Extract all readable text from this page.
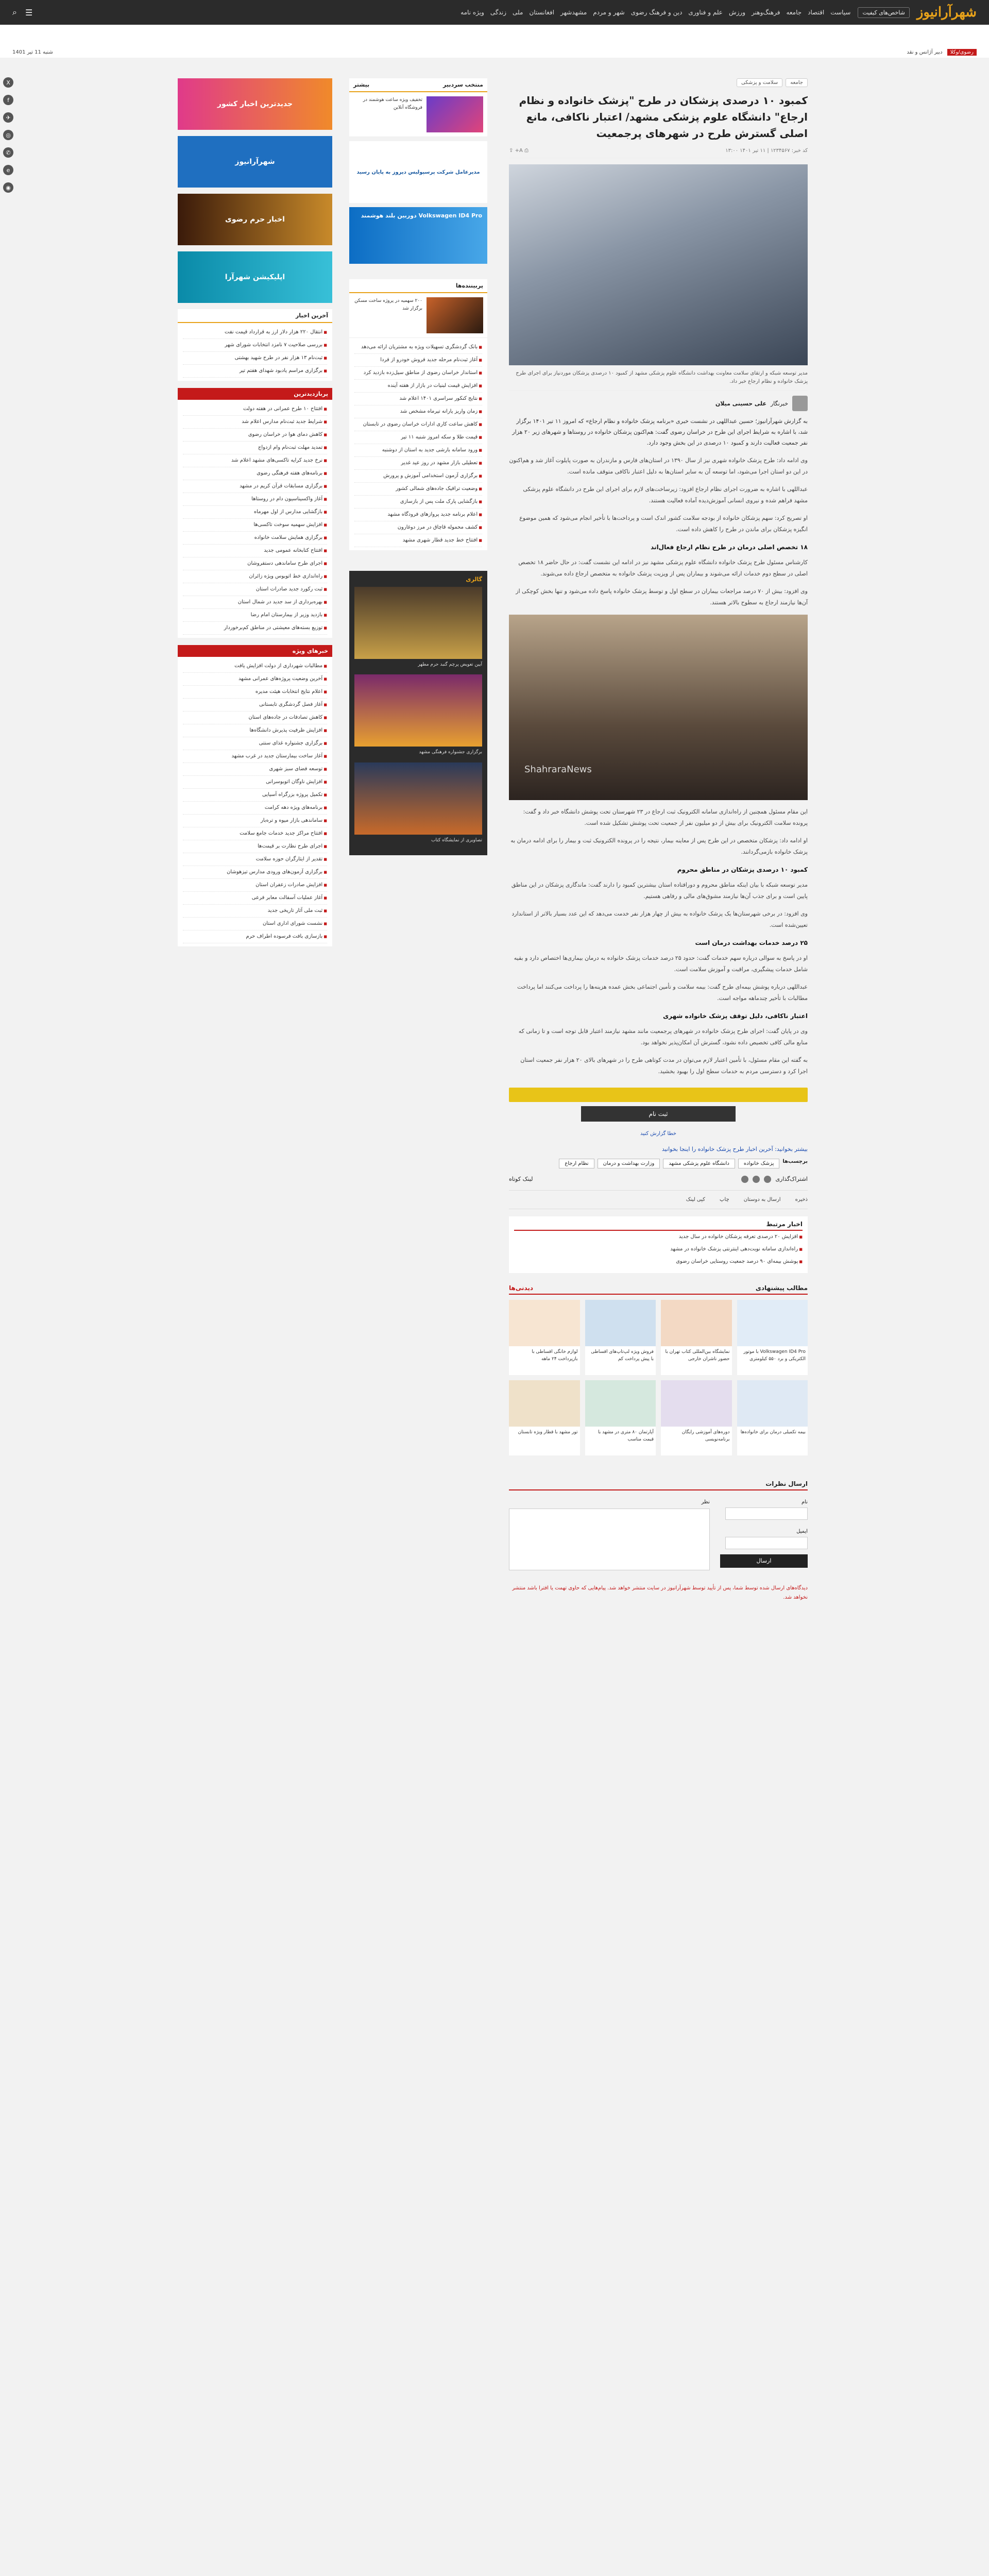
شهرآرانیوز
شاخص‌های کیفیت
سیاست
اقتصاد
جامعه
فرهنگ‌وهنر
ورزش
علم و فناوری
دین و فرهنگ رضوی
شهر و مردم
مشهدشهر
افغانستان
ملی
زندگی
ویژه نامه
☰
⌕
رضوی/وکلا دبیر آژانس و نقد
شنبه 11 تیر 1401
X
f
✈
◎
✆
e
◉
جامعه
سلامت و پزشکی
کمبود ۱۰ درصدی پزشکان در طرح "پزشک خانواده و نظام ارجاع" دانشگاه علوم پزشکی مشهد/ اعتبار ناکافی، مانع اصلی گسترش طرح در شهرهای پرجمعیت
کد خبر: ۱۲۳۴۵۶۷ | ۱۱ تیر ۱۴۰۱ ۱۳:۰۰
⎙ A+ ⇪
مدیر توسعه شبکه و ارتقای سلامت معاونت بهداشت دانشگاه علوم پزشکی مشهد از کمبود ۱۰ درصدی پزشکان موردنیاز برای اجرای طرح پزشک خانواده و نظام ارجاع خبر داد.
خبرنگار
علی حسینی میلان
به گزارش شهرآرانیوز؛ حسین عبداللهی در نشست خبری «برنامه پزشک خانواده و نظام ارجاع» که امروز ۱۱ تیر ۱۴۰۱ برگزار شد، با اشاره به شرایط اجرای این طرح در خراسان رضوی گفت: هم‌اکنون پزشکان خانواده در روستاها و شهرهای زیر ۲۰ هزار نفر جمعیت فعالیت دارند و کمبود ۱۰ درصدی در این بخش وجود دارد.

وی ادامه داد: طرح پزشک خانواده شهری نیز از سال ۱۳۹۰ در استان‌های فارس و مازندران به صورت پایلوت آغاز شد و هم‌اکنون در این دو استان اجرا می‌شود، اما توسعه آن به سایر استان‌ها به دلیل اعتبار ناکافی متوقف مانده است.

عبداللهی با اشاره به ضرورت اجرای نظام ارجاع افزود: زیرساخت‌های لازم برای اجرای این طرح در دانشگاه علوم پزشکی مشهد فراهم شده و نیروی انسانی آموزش‌دیده آماده فعالیت هستند.

او تصریح کرد: سهم پزشکان خانواده از بودجه سلامت کشور اندک است و پرداخت‌ها با تأخیر انجام می‌شود که همین موضوع انگیزه پزشکان برای ماندن در طرح را کاهش داده است.

۱۸ تخصص اصلی درمان در طرح نظام ارجاع فعال‌اند

کارشناس مسئول طرح پزشک خانواده دانشگاه علوم پزشکی مشهد نیز در ادامه این نشست گفت: در حال حاضر ۱۸ تخصص اصلی در سطح دوم خدمات ارائه می‌شوند و بیماران پس از ویزیت پزشک خانواده به متخصص ارجاع داده می‌شوند.

وی افزود: بیش از ۷۰ درصد مراجعات بیماران در سطح اول و توسط پزشک خانواده پاسخ داده می‌شود و تنها بخش کوچکی از آن‌ها نیازمند ارجاع به سطوح بالاتر هستند.

ShahraraNews

این مقام مسئول همچنین از راه‌اندازی سامانه الکترونیک ثبت ارجاع در ۲۳ شهرستان تحت پوشش دانشگاه خبر داد و گفت: پرونده سلامت الکترونیک برای بیش از دو میلیون نفر از جمعیت تحت پوشش تشکیل شده است.

او ادامه داد: پزشکان متخصص در این طرح پس از معاینه بیمار، نتیجه را در پرونده الکترونیک ثبت و بیمار را برای ادامه درمان به پزشک خانواده بازمی‌گردانند.

کمبود ۱۰ درصدی پزشکان در مناطق محروم

مدیر توسعه شبکه با بیان اینکه مناطق محروم و دورافتاده استان بیشترین کمبود را دارند گفت: ماندگاری پزشکان در این مناطق پایین است و برای جذب آن‌ها نیازمند مشوق‌های مالی و رفاهی هستیم.

وی افزود: در برخی شهرستان‌ها یک پزشک خانواده به بیش از چهار هزار نفر خدمت می‌دهد که این عدد بسیار بالاتر از استاندارد تعیین‌شده است.

۲۵ درصد خدمات بهداشت درمان است

او در پاسخ به سوالی درباره سهم خدمات گفت: حدود ۲۵ درصد خدمات پزشک خانواده به درمان بیماری‌ها اختصاص دارد و بقیه شامل خدمات پیشگیری، مراقبت و آموزش سلامت است.

عبداللهی درباره پوشش بیمه‌ای طرح گفت: بیمه سلامت و تأمین اجتماعی بخش عمده هزینه‌ها را پرداخت می‌کنند اما پرداخت مطالبات با تأخیر چندماهه مواجه است.

اعتبار ناکافی، دلیل توقف پزشک خانواده شهری

وی در پایان گفت: اجرای طرح پزشک خانواده در شهرهای پرجمعیت مانند مشهد نیازمند اعتبار قابل توجه است و تا زمانی که منابع مالی کافی تخصیص داده نشود، گسترش آن امکان‌پذیر نخواهد بود.

به گفته این مقام مسئول، با تأمین اعتبار لازم می‌توان در مدت کوتاهی طرح را در شهرهای بالای ۲۰ هزار نفر جمعیت استان اجرا کرد و دسترسی مردم به خدمات سطح اول را بهبود بخشید.

ثبت نام
خطا گزارش کنید
بیشتر بخوانید: آخرین اخبار طرح پزشک خانواده را اینجا بخوانید
برچسب‌ها
پزشک خانواده
دانشگاه علوم پزشکی مشهد
وزارت بهداشت و درمان
نظام ارجاع
اشتراک‌گذاری
لینک کوتاه
ذخیره
ارسال به دوستان
چاپ
کپی لینک
اخبار مرتبط
■ افزایش ۲۰ درصدی تعرفه پزشکان خانواده در سال جدید
■ راه‌اندازی سامانه نوبت‌دهی اینترنتی پزشک خانواده در مشهد
■ پوشش بیمه‌ای ۹۰ درصد جمعیت روستایی خراسان رضوی
مطالب پیشنهادی
دیدنی‌ها
Volkswagen ID4 Pro با موتور الکتریکی و برد ۵۵۰ کیلومتری
نمایشگاه بین‌المللی کتاب تهران با حضور ناشران خارجی
فروش ویژه لپ‌تاپ‌های اقساطی با پیش پرداخت کم
لوازم خانگی اقساطی با بازپرداخت ۲۴ ماهه
بیمه تکمیلی درمان برای خانواده‌ها
دوره‌های آموزشی رایگان برنامه‌نویسی
آپارتمان ۸۰ متری در مشهد با قیمت مناسب
تور مشهد با قطار ویژه تابستان
ارسال نظرات
نام
ایمیل
ارسال
نظر
دیدگاه‌های ارسال شده توسط شما، پس از تأیید توسط شهرآرانیوز در سایت منتشر خواهد شد. پیام‌هایی که حاوی تهمت یا افترا باشد منتشر نخواهد شد.
منتخب سردبیر
بیشتر
تخفیف ویژه ساعت هوشمند در فروشگاه آنلاین
مدیرعامل شرکت پرسپولیس دیروز به پایان رسید
Volkswagen ID4 Pro دوربین بلند هوشمند
پربیننده‌ها
۲۰۰ سهمیه در پروژه ساخت مسکن برگزار شد
■ بانک گردشگری تسهیلات ویژه به مشتریان ارائه می‌دهد
■ آغاز ثبت‌نام مرحله جدید فروش خودرو از فردا
■ استاندار خراسان رضوی از مناطق سیل‌زده بازدید کرد
■ افزایش قیمت لبنیات در بازار از هفته آینده
■ نتایج کنکور سراسری ۱۴۰۱ اعلام شد
■ زمان واریز یارانه تیرماه مشخص شد
■ کاهش ساعت کاری ادارات خراسان رضوی در تابستان
■ قیمت طلا و سکه امروز شنبه ۱۱ تیر
■ ورود سامانه بارشی جدید به استان از دوشنبه
■ تعطیلی بازار مشهد در روز عید غدیر
■ برگزاری آزمون استخدامی آموزش و پرورش
■ وضعیت ترافیک جاده‌های شمالی کشور
■ بازگشایی پارک ملت پس از بازسازی
■ اعلام برنامه جدید پروازهای فرودگاه مشهد
■ کشف محموله قاچاق در مرز دوغارون
■ افتتاح خط جدید قطار شهری مشهد
گالری
آیین تعویض پرچم گنبد حرم مطهر
برگزاری جشنواره فرهنگی مشهد
تصاویری از نمایشگاه کتاب
جدیدترین اخبار کشور
شهرآرانیوز
اخبار حرم رضوی
اپلیکیشن شهرآرا
آخرین اخبار
■ انتقال ۲۲۰ هزار دلار ارز به قرارداد قیمت نفت
■ بررسی صلاحیت ۷ نامزد انتخابات شورای شهر
■ ثبت‌نام ۱۳ هزار نفر در طرح شهید بهشتی
■ برگزاری مراسم یادبود شهدای هفتم تیر
پربازدیدترین
■ افتتاح ۱۰ طرح عمرانی در هفته دولت
■ شرایط جدید ثبت‌نام مدارس اعلام شد
■ کاهش دمای هوا در خراسان رضوی
■ تمدید مهلت ثبت‌نام وام ازدواج
■ نرخ جدید کرایه تاکسی‌های مشهد اعلام شد
■ برنامه‌های هفته فرهنگی رضوی
■ برگزاری مسابقات قرآن کریم در مشهد
■ آغاز واکسیناسیون دام در روستاها
■ بازگشایی مدارس از اول مهرماه
■ افزایش سهمیه سوخت تاکسی‌ها
■ برگزاری همایش سلامت خانواده
■ افتتاح کتابخانه عمومی جدید
■ اجرای طرح ساماندهی دستفروشان
■ راه‌اندازی خط اتوبوس ویژه زائران
■ ثبت رکورد جدید صادرات استان
■ بهره‌برداری از سد جدید در شمال استان
■ بازدید وزیر از بیمارستان امام رضا
■ توزیع بسته‌های معیشتی در مناطق کم‌برخوردار
خبرهای ویژه
■ مطالبات شهرداری از دولت افزایش یافت
■ آخرین وضعیت پروژه‌های عمرانی مشهد
■ اعلام نتایج انتخابات هیئت مدیره
■ آغاز فصل گردشگری تابستانی
■ کاهش تصادفات در جاده‌های استان
■ افزایش ظرفیت پذیرش دانشگاه‌ها
■ برگزاری جشنواره غذای سنتی
■ آغاز ساخت بیمارستان جدید در غرب مشهد
■ توسعه فضای سبز شهری
■ افزایش ناوگان اتوبوسرانی
■ تکمیل پروژه بزرگراه آسیایی
■ برنامه‌های ویژه دهه کرامت
■ ساماندهی بازار میوه و تره‌بار
■ افتتاح مراکز جدید خدمات جامع سلامت
■ اجرای طرح نظارت بر قیمت‌ها
■ تقدیر از ایثارگران حوزه سلامت
■ برگزاری آزمون‌های ورودی مدارس تیزهوشان
■ افزایش صادرات زعفران استان
■ آغاز عملیات آسفالت معابر فرعی
■ ثبت ملی آثار تاریخی جدید
■ نشست شورای اداری استان
■ بازسازی بافت فرسوده اطراف حرم
